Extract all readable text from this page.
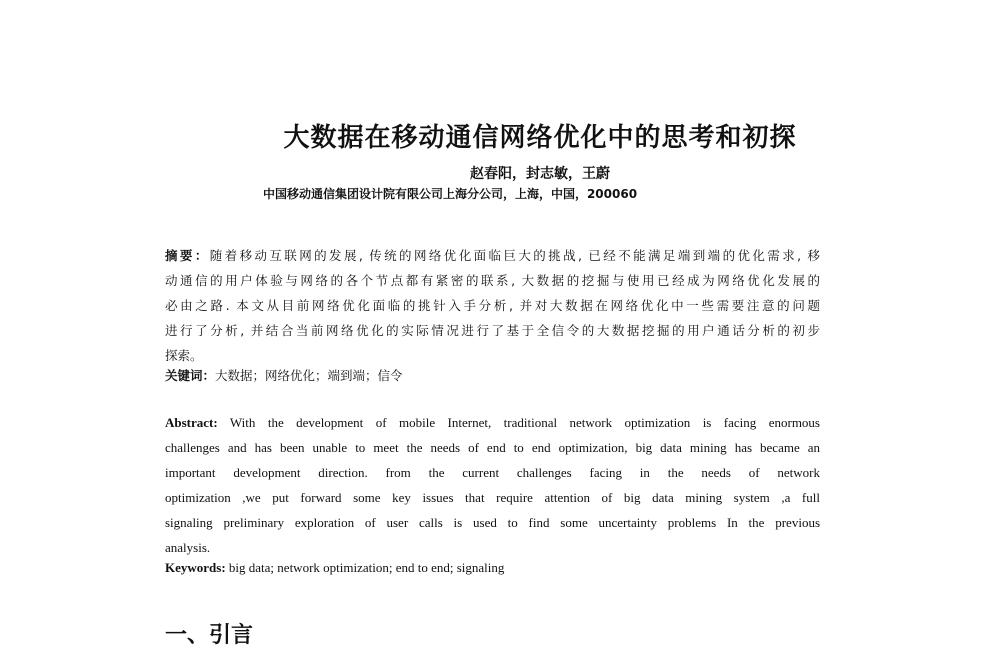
大数据在移动通信网络优化中的思考和初探
赵春阳，封志敏，王蔚
中国移动通信集团设计院有限公司上海分公司，上海，中国，200060
摘要：随着移动互联网的发展, 传统的网络优化面临巨大的挑战, 已经不能满足端到端的优化需求, 移
动通信的用户体验与网络的各个节点都有紧密的联系, 大数据的挖掘与使用已经成为网络优化发展的
必由之路. 本文从目前网络优化面临的挑针入手分析, 并对大数据在网络优化中一些需要注意的问题
进行了分析, 并结合当前网络优化的实际情况进行了基于全信令的大数据挖掘的用户通话分析的初步
探索。
关键词：大数据；网络优化；端到端；信令
Abstract: With the development of mobile Internet, traditional network optimization is facing enormous
challenges and has been unable to meet the needs of end to end optimization, big data mining has became an
important development direction. from the current challenges facing in the needs of network
optimization ,we put forward some key issues that require attention of big data mining system ,a full
signaling preliminary exploration of user calls is used to find some uncertainty problems In the previous
analysis.
Keywords: big data; network optimization; end to end; signaling
一、引言
